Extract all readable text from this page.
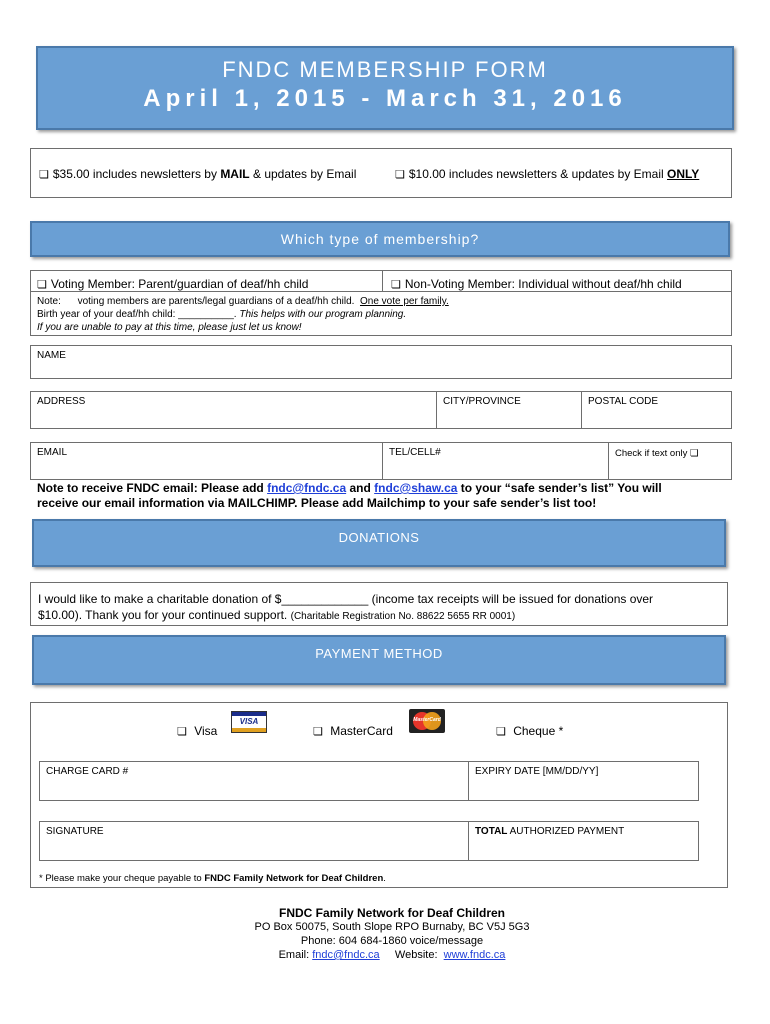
FNDC MEMBERSHIP FORM
April 1, 2015 - March 31, 2016
❏ $35.00 includes newsletters by MAIL & updates by Email	❏ $10.00 includes newsletters & updates by Email ONLY
Which type of membership?
❏ Voting Member: Parent/guardian of deaf/hh child	❏ Non-Voting Member: Individual without deaf/hh child
Note: voting members are parents/legal guardians of a deaf/hh child. One vote per family.
Birth year of your deaf/hh child: __________. This helps with our program planning.
If you are unable to pay at this time, please just let us know!
NAME
ADDRESS	CITY/PROVINCE	POSTAL CODE
EMAIL	TEL/CELL#	Check if text only ❏
Note to receive FNDC email: Please add fndc@fndc.ca and fndc@shaw.ca to your “safe sender’s list” You will
receive our email information via MAILCHIMP. Please add Mailchimp to your safe sender’s list too!
DONATIONS
I would like to make a charitable donation of $_____________ (income tax receipts will be issued for donations over
$10.00). Thank you for your continued support. (Charitable Registration No. 88622 5655 RR 0001)
PAYMENT METHOD
❏ Visa
VISA
❏ MasterCard
MasterCard
❏ Cheque *
CHARGE CARD #	EXPIRY DATE [MM/DD/YY]
SIGNATURE	TOTAL AUTHORIZED PAYMENT
* Please make your cheque payable to FNDC Family Network for Deaf Children.
FNDC Family Network for Deaf Children
PO Box 50075, South Slope RPO Burnaby, BC V5J 5G3
Phone: 604 684-1860 voice/message
Email: fndc@fndc.ca     Website:  www.fndc.ca
